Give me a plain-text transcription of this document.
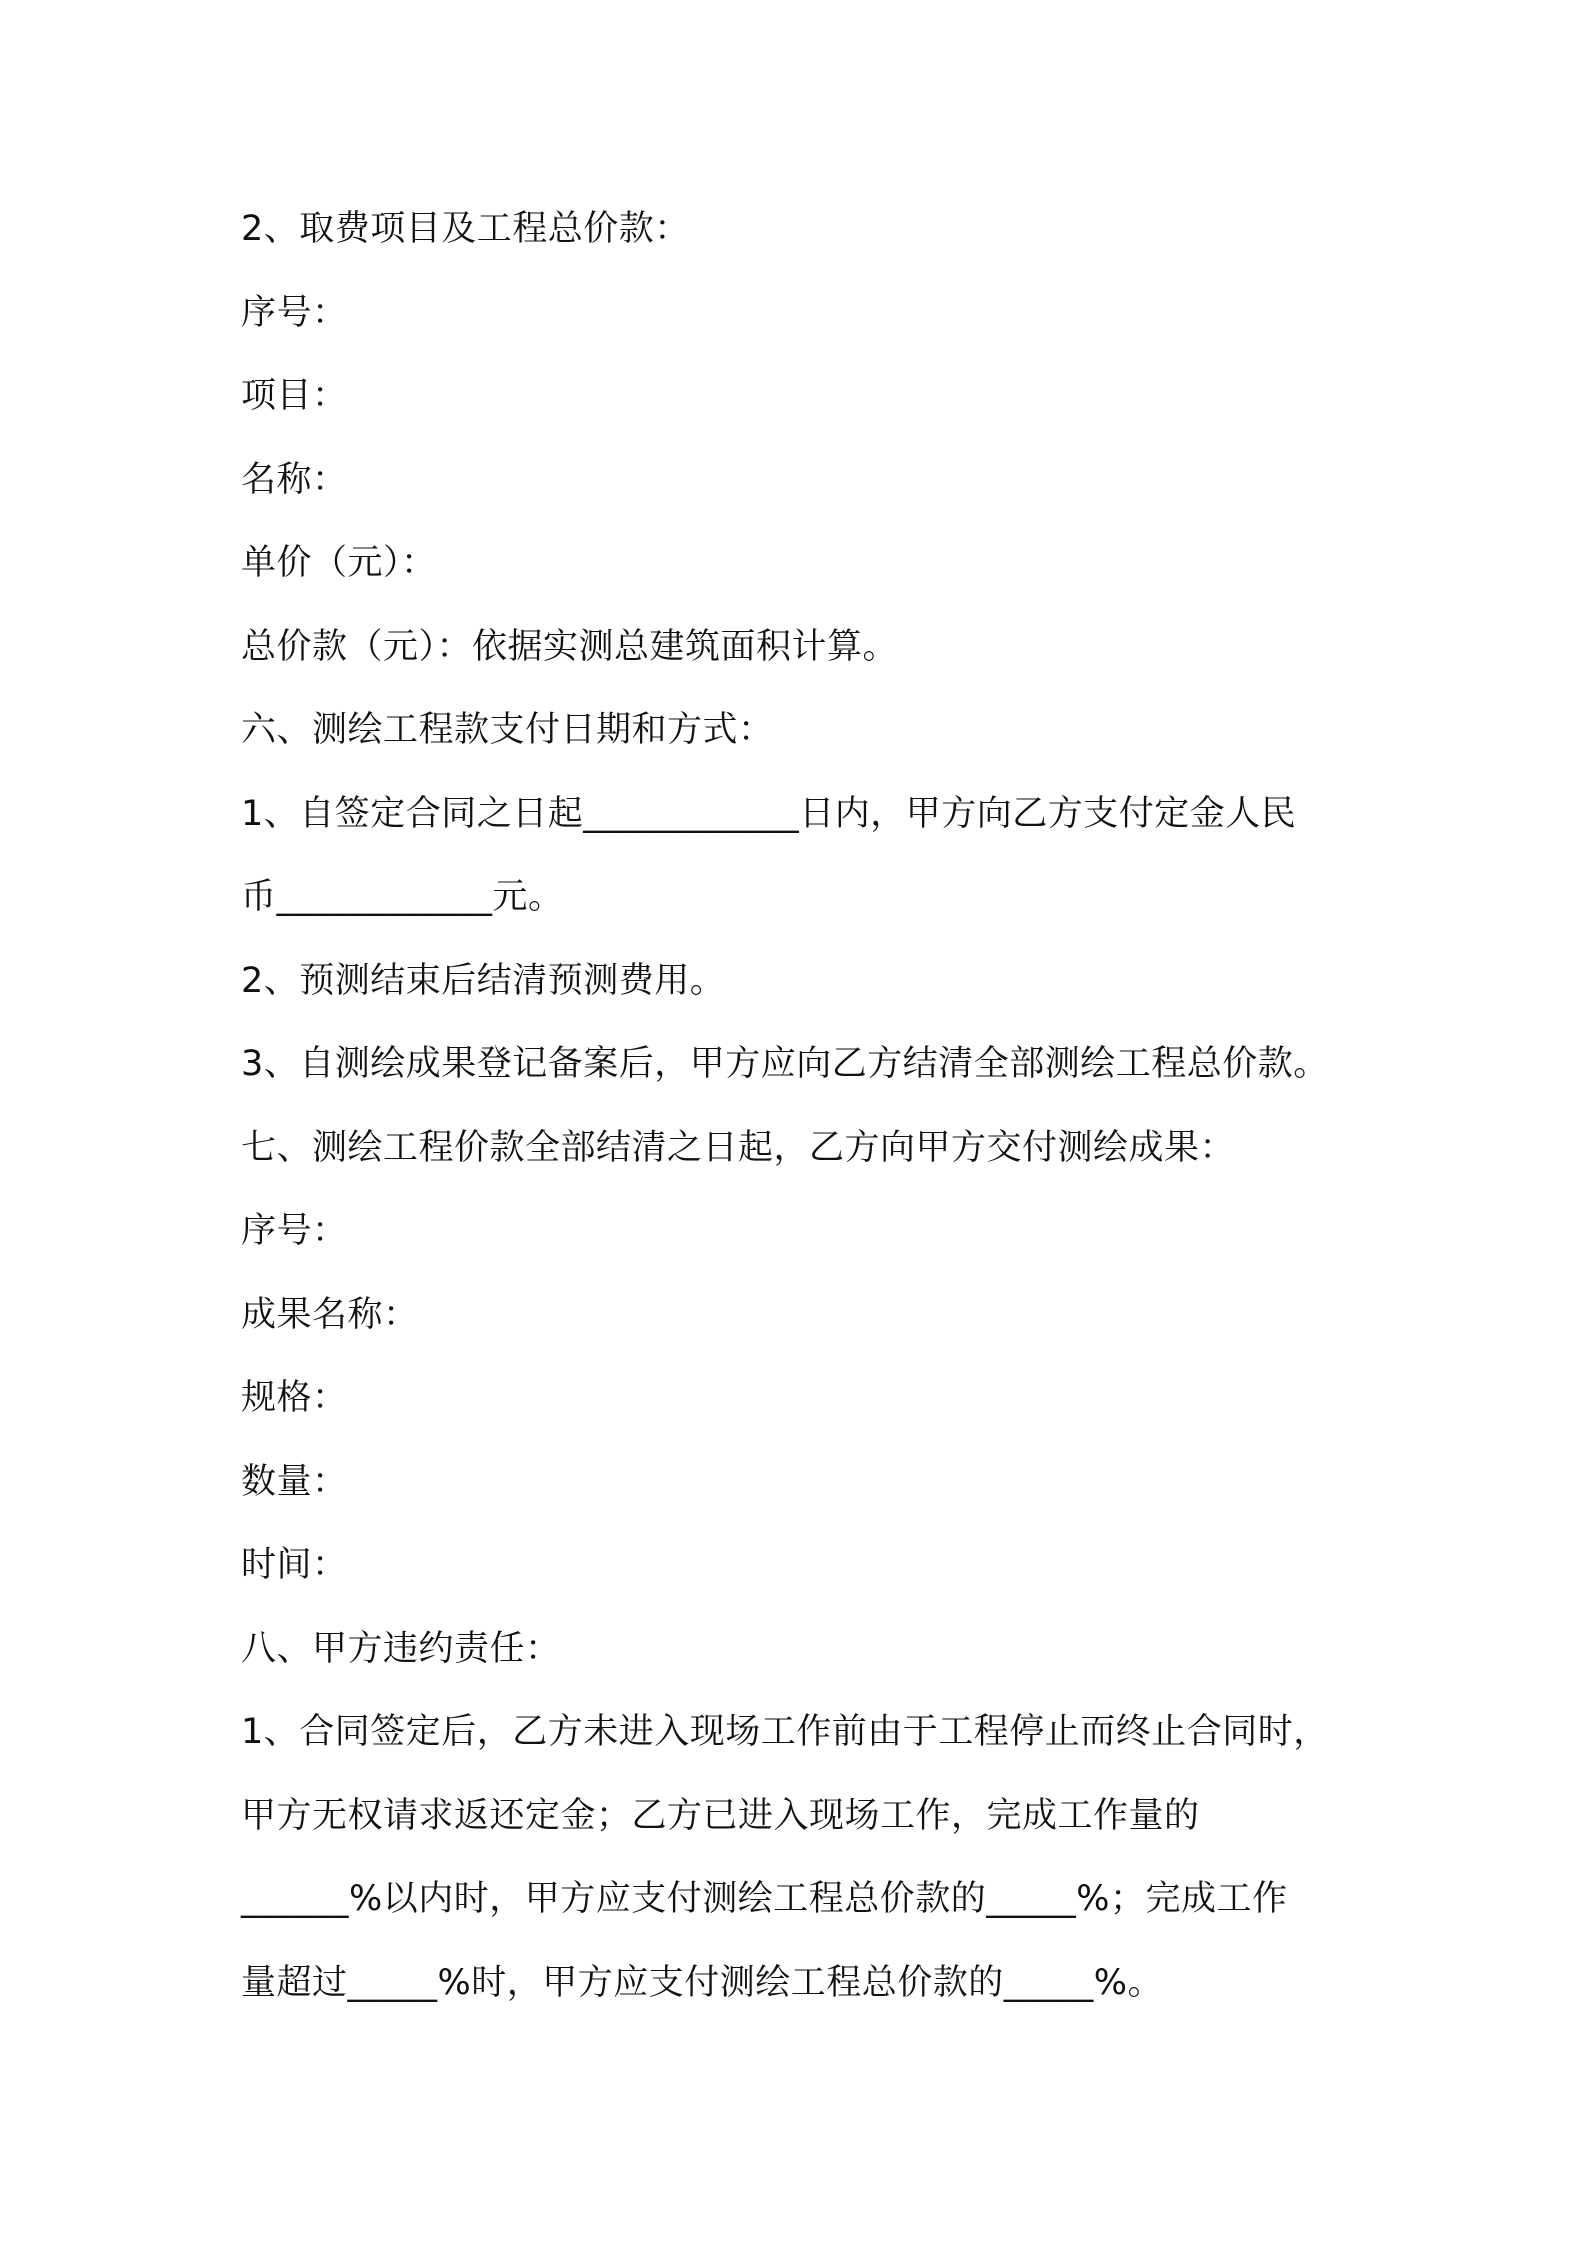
2、取费项目及工程总价款：
序号：
项目：
名称：
单价（元）：
总价款（元）：依据实测总建筑面积计算。
六、测绘工程款支付日期和方式：
1、自签定合同之日起____________日内，甲方向乙方支付定金人民
币____________元。
2、预测结束后结清预测费用。
3、自测绘成果登记备案后，甲方应向乙方结清全部测绘工程总价款。
七、测绘工程价款全部结清之日起，乙方向甲方交付测绘成果：
序号：
成果名称：
规格：
数量：
时间：
八、甲方违约责任：
1、合同签定后，乙方未进入现场工作前由于工程停止而终止合同时，
甲方无权请求返还定金；乙方已进入现场工作，完成工作量的
______%以内时，甲方应支付测绘工程总价款的_____%；完成工作
量超过_____%时，甲方应支付测绘工程总价款的_____%。
